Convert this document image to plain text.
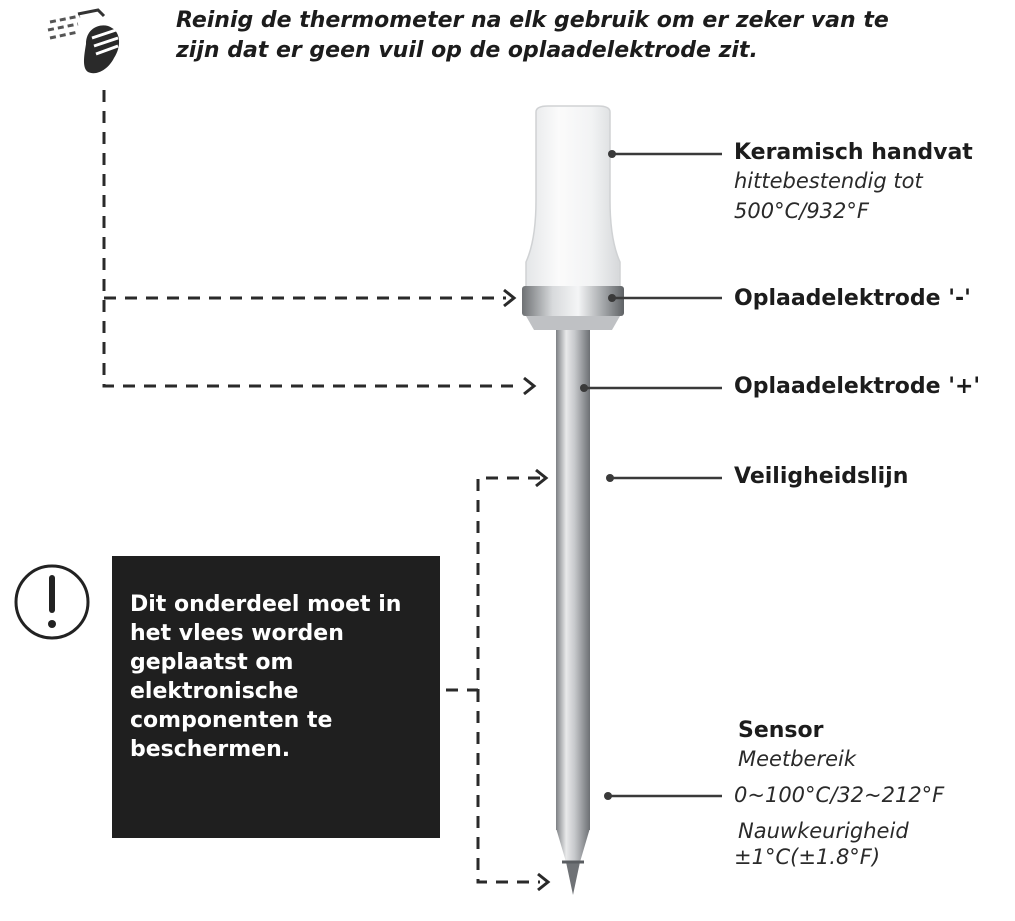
Reinig de thermometer na elk gebruik om er zeker van te
zijn dat er geen vuil op de oplaadelektrode zit.
Keramisch handvat
hittebestendig tot
500°C/932°F
Oplaadelektrode '-'
Oplaadelektrode '+'
Veiligheidslijn
Sensor
Meetbereik
0~100°C/32~212°F
Nauwkeurigheid
±1°C(±1.8°F)
Dit onderdeel moet in
het vlees worden
geplaatst om
elektronische
componenten te
beschermen.
